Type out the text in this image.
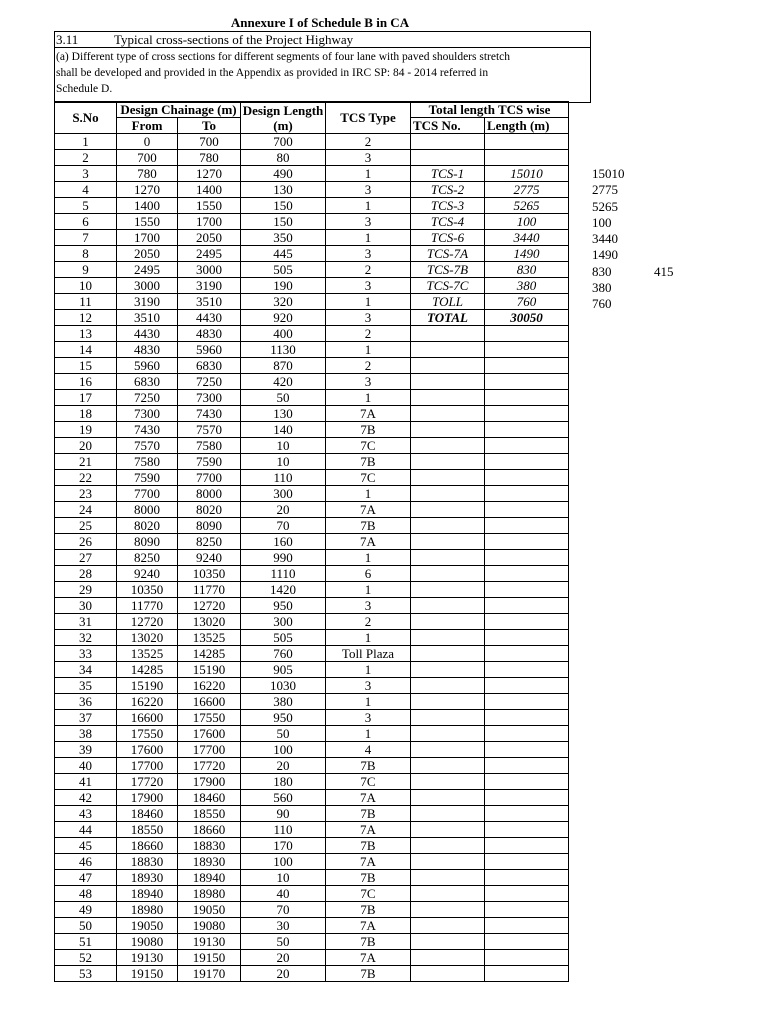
Annexure I of Schedule B in CA
3.11	Typical cross-sections of the Project Highway
(a) Different type of cross sections for different segments of four lane with paved shoulders stretch
shall be developed and provided in the Appendix as provided in IRC SP: 84 - 2014 referred in
Schedule D.
S.No	Design Chainage (m)		Design Length (m)	TCS Type	Total length TCS wise	
	From	To			TCS No.	Length (m)
1	0	700	700	2		
2	700	780	80	3		
3	780	1270	490	1	TCS-1	15010
4	1270	1400	130	3	TCS-2	2775
5	1400	1550	150	1	TCS-3	5265
6	1550	1700	150	3	TCS-4	100
7	1700	2050	350	1	TCS-6	3440
8	2050	2495	445	3	TCS-7A	1490
9	2495	3000	505	2	TCS-7B	830
10	3000	3190	190	3	TCS-7C	380
11	3190	3510	320	1	TOLL	760
12	3510	4430	920	3	TOTAL	30050
13	4430	4830	400	2		
14	4830	5960	1130	1		
15	5960	6830	870	2		
16	6830	7250	420	3		
17	7250	7300	50	1		
18	7300	7430	130	7A		
19	7430	7570	140	7B		
20	7570	7580	10	7C		
21	7580	7590	10	7B		
22	7590	7700	110	7C		
23	7700	8000	300	1		
24	8000	8020	20	7A		
25	8020	8090	70	7B		
26	8090	8250	160	7A		
27	8250	9240	990	1		
28	9240	10350	1110	6		
29	10350	11770	1420	1		
30	11770	12720	950	3		
31	12720	13020	300	2		
32	13020	13525	505	1		
33	13525	14285	760	Toll Plaza		
34	14285	15190	905	1		
35	15190	16220	1030	3		
36	16220	16600	380	1		
37	16600	17550	950	3		
38	17550	17600	50	1		
39	17600	17700	100	4		
40	17700	17720	20	7B		
41	17720	17900	180	7C		
42	17900	18460	560	7A		
43	18460	18550	90	7B		
44	18550	18660	110	7A		
45	18660	18830	170	7B		
46	18830	18930	100	7A		
47	18930	18940	10	7B		
48	18940	18980	40	7C		
49	18980	19050	70	7B		
50	19050	19080	30	7A		
51	19080	19130	50	7B		
52	19130	19150	20	7A		
53	19150	19170	20	7B		
15010
2775
5265
100
3440
1490
830
380
760
415
